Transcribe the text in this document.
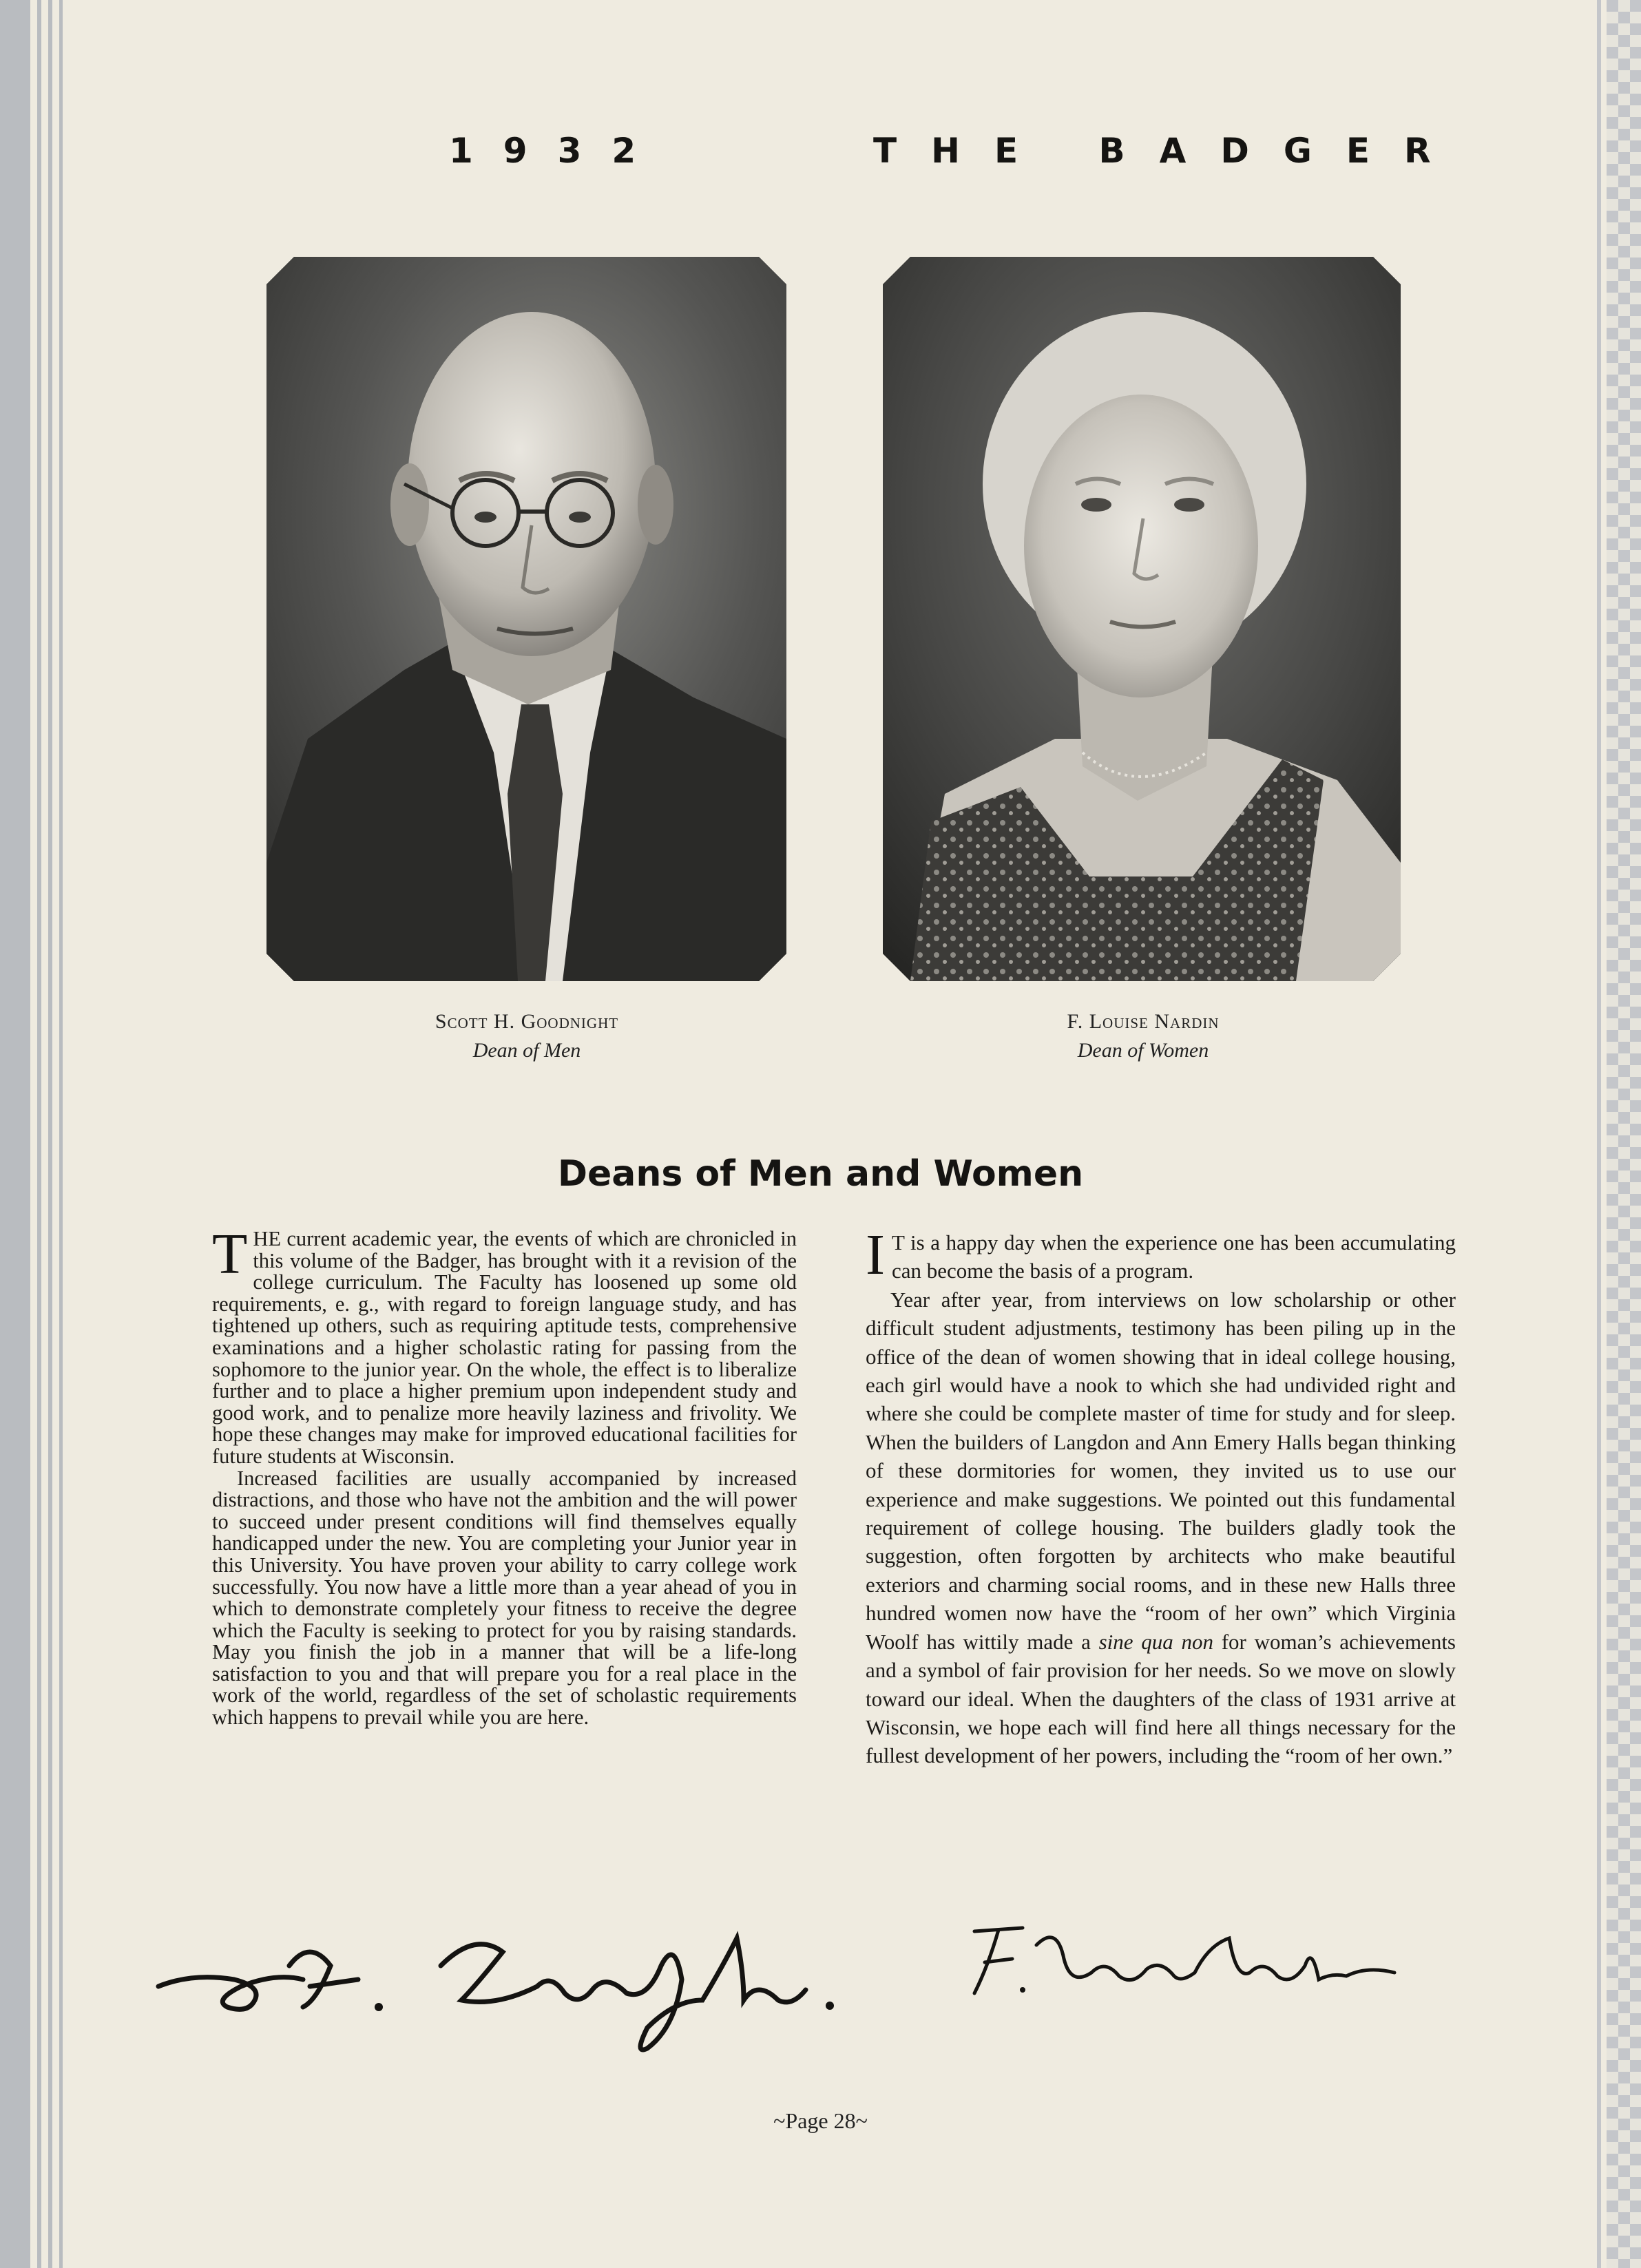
1932	THE BADGER
Scott H. Goodnight
Dean of Men
F. Louise Nardin
Dean of Women
Deans of Men and Women

THE current academic year, the events of which are chronicled in this volume of the Badger, has brought with it a revision of the college curriculum. The Faculty has loosened up some old requirements, e. g., with regard to foreign language study, and has tightened up others, such as requiring aptitude tests, comprehensive examinations and a higher scholastic rating for passing from the sophomore to the junior year. On the whole, the effect is to liberalize further and to place a higher premium upon independent study and good work, and to penalize more heavily laziness and frivolity. We hope these changes may make for improved educational facilities for future students at Wisconsin.

Increased facilities are usually accompanied by increased distractions, and those who have not the ambition and the will power to succeed under present conditions will find themselves equally handicapped under the new. You are completing your Junior year in this University. You have proven your ability to carry college work successfully. You now have a little more than a year ahead of you in which to demonstrate completely your fitness to receive the degree which the Faculty is seeking to protect for you by raising standards. May you finish the job in a manner that will be a life-long satisfaction to you and that will prepare you for a real place in the work of the world, regardless of the set of scholastic requirements which happens to prevail while you are here.

I T is a happy day when the experience one has been accumulating can become the basis of a program.

Year after year, from interviews on low scholarship or other difficult student adjustments, testimony has been piling up in the office of the dean of women showing that in ideal college housing, each girl would have a nook to which she had undivided right and where she could be complete master of time for study and for sleep. When the builders of Langdon and Ann Emery Halls began thinking of these dormitories for women, they invited us to use our experience and make suggestions. We pointed out this fundamental requirement of college housing. The builders gladly took the suggestion, often forgotten by architects who make beautiful exteriors and charming social rooms, and in these new Halls three hundred women now have the “room of her own” which Virginia Woolf has wittily made a sine qua non for woman’s achievements and a symbol of fair provision for her needs. So we move on slowly toward our ideal. When the daughters of the class of 1931 arrive at Wisconsin, we hope each will find here all things necessary for the fullest development of her powers, including the “room of her own.”

~Page 28~
